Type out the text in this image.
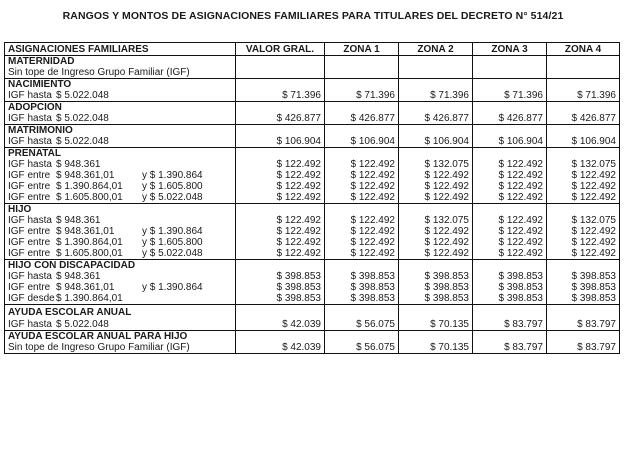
RANGOS Y MONTOS DE ASIGNACIONES FAMILIARES PARA TITULARES DEL DECRETO N° 514/21
ASIGNACIONES FAMILIARES	VALOR GRAL.	ZONA 1	ZONA 2	ZONA 3	ZONA 4
MATERNIDAD					
Sin tope de Ingreso Grupo Familiar (IGF)					
NACIMIENTO					
IGF hasta $ 5.022.048	$ 71.396	$ 71.396	$ 71.396	$ 71.396	$ 71.396
ADOPCION					
IGF hasta $ 5.022.048	$ 426.877	$ 426.877	$ 426.877	$ 426.877	$ 426.877
MATRIMONIO					
IGF hasta $ 5.022.048	$ 106.904	$ 106.904	$ 106.904	$ 106.904	$ 106.904
PRENATAL					
IGF hasta $ 948.361	$ 122.492	$ 122.492	$ 132.075	$ 122.492	$ 132.075
IGF entre $ 948.361,01 y $ 1.390.864	$ 122.492	$ 122.492	$ 122.492	$ 122.492	$ 122.492
IGF entre $ 1.390.864,01 y $ 1.605.800	$ 122.492	$ 122.492	$ 122.492	$ 122.492	$ 122.492
IGF entre $ 1.605.800,01 y $ 5.022.048	$ 122.492	$ 122.492	$ 122.492	$ 122.492	$ 122.492
HIJO					
IGF hasta $ 948.361	$ 122.492	$ 122.492	$ 132.075	$ 122.492	$ 132.075
IGF entre $ 948.361,01 y $ 1.390.864	$ 122.492	$ 122.492	$ 122.492	$ 122.492	$ 122.492
IGF entre $ 1.390.864,01 y $ 1.605.800	$ 122.492	$ 122.492	$ 122.492	$ 122.492	$ 122.492
IGF entre $ 1.605.800,01 y $ 5.022.048	$ 122.492	$ 122.492	$ 122.492	$ 122.492	$ 122.492
HIJO CON DISCAPACIDAD					
IGF hasta $ 948.361	$ 398.853	$ 398.853	$ 398.853	$ 398.853	$ 398.853
IGF entre $ 948.361,01 y $ 1.390.864	$ 398.853	$ 398.853	$ 398.853	$ 398.853	$ 398.853
IGF desde$ 1.390.864,01	$ 398.853	$ 398.853	$ 398.853	$ 398.853	$ 398.853
AYUDA ESCOLAR ANUAL					
IGF hasta $ 5.022.048	$ 42.039	$ 56.075	$ 70.135	$ 83.797	$ 83.797
AYUDA ESCOLAR ANUAL PARA HIJO					
Sin tope de Ingreso Grupo Familiar (IGF)	$ 42.039	$ 56.075	$ 70.135	$ 83.797	$ 83.797
